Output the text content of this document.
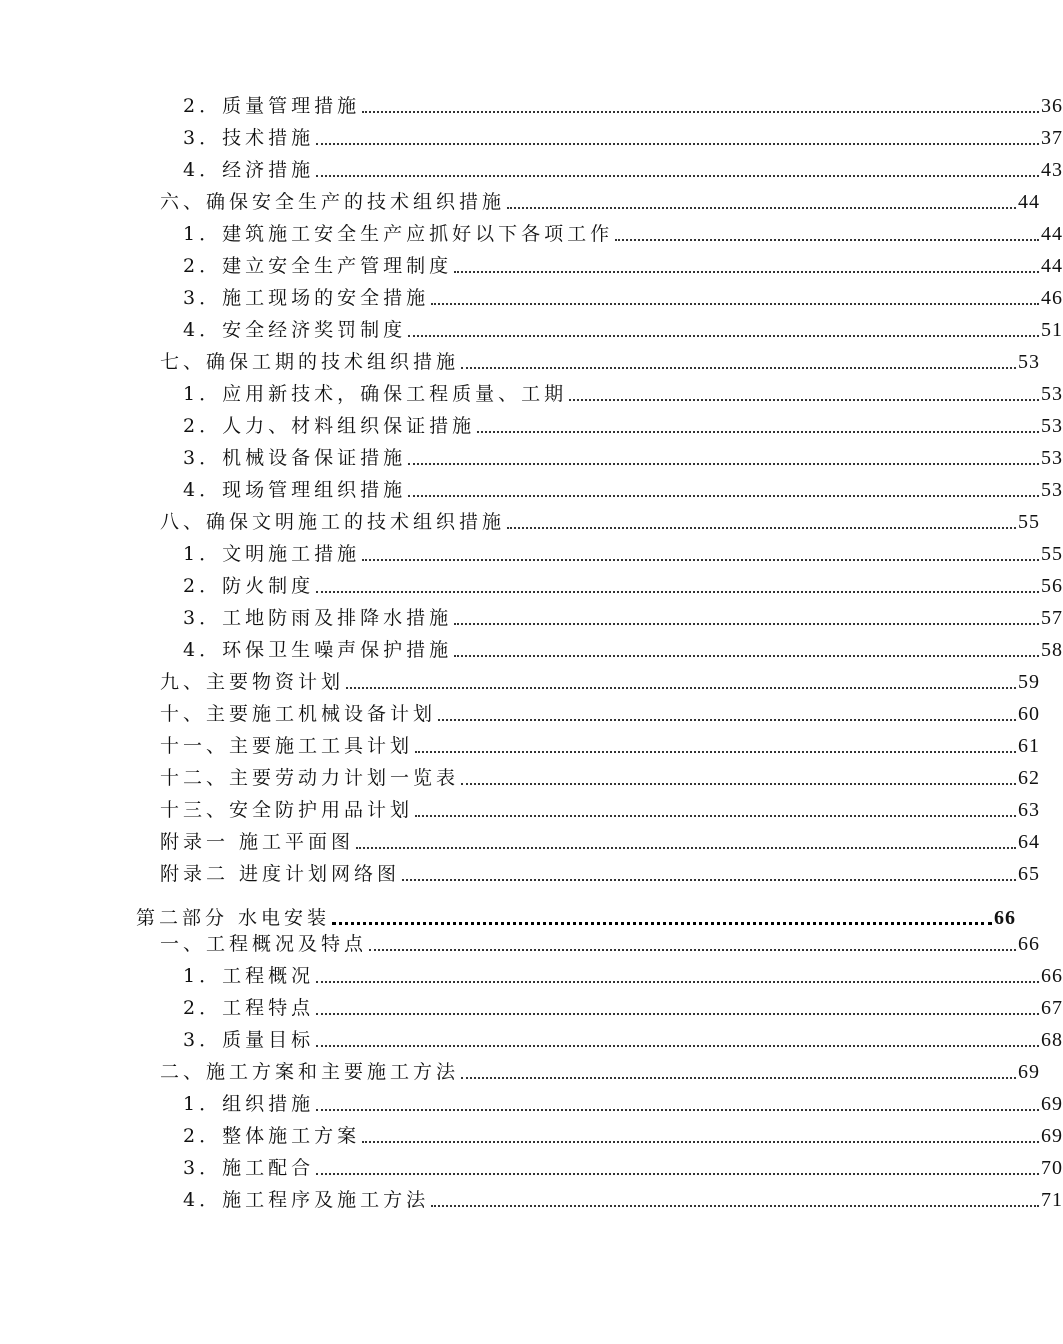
2．质量管理措施	36
3．技术措施	37
4．经济措施	43
六、确保安全生产的技术组织措施	44
1．建筑施工安全生产应抓好以下各项工作	44
2．建立安全生产管理制度	44
3．施工现场的安全措施	46
4．安全经济奖罚制度	51
七、确保工期的技术组织措施	53
1．应用新技术，确保工程质量、工期	53
2．人力、材料组织保证措施	53
3．机械设备保证措施	53
4．现场管理组织措施	53
八、确保文明施工的技术组织措施	55
1．文明施工措施	55
2．防火制度	56
3．工地防雨及排降水措施	57
4．环保卫生噪声保护措施	58
九、主要物资计划	59
十、主要施工机械设备计划	60
十一、主要施工工具计划	61
十二、主要劳动力计划一览表	62
十三、安全防护用品计划	63
附录一 施工平面图	64
附录二 进度计划网络图	65
第二部分 水电安装	66
一、工程概况及特点	66
1．工程概况	66
2．工程特点	67
3．质量目标	68
二、施工方案和主要施工方法	69
1．组织措施	69
2．整体施工方案	69
3．施工配合	70
4．施工程序及施工方法	71
